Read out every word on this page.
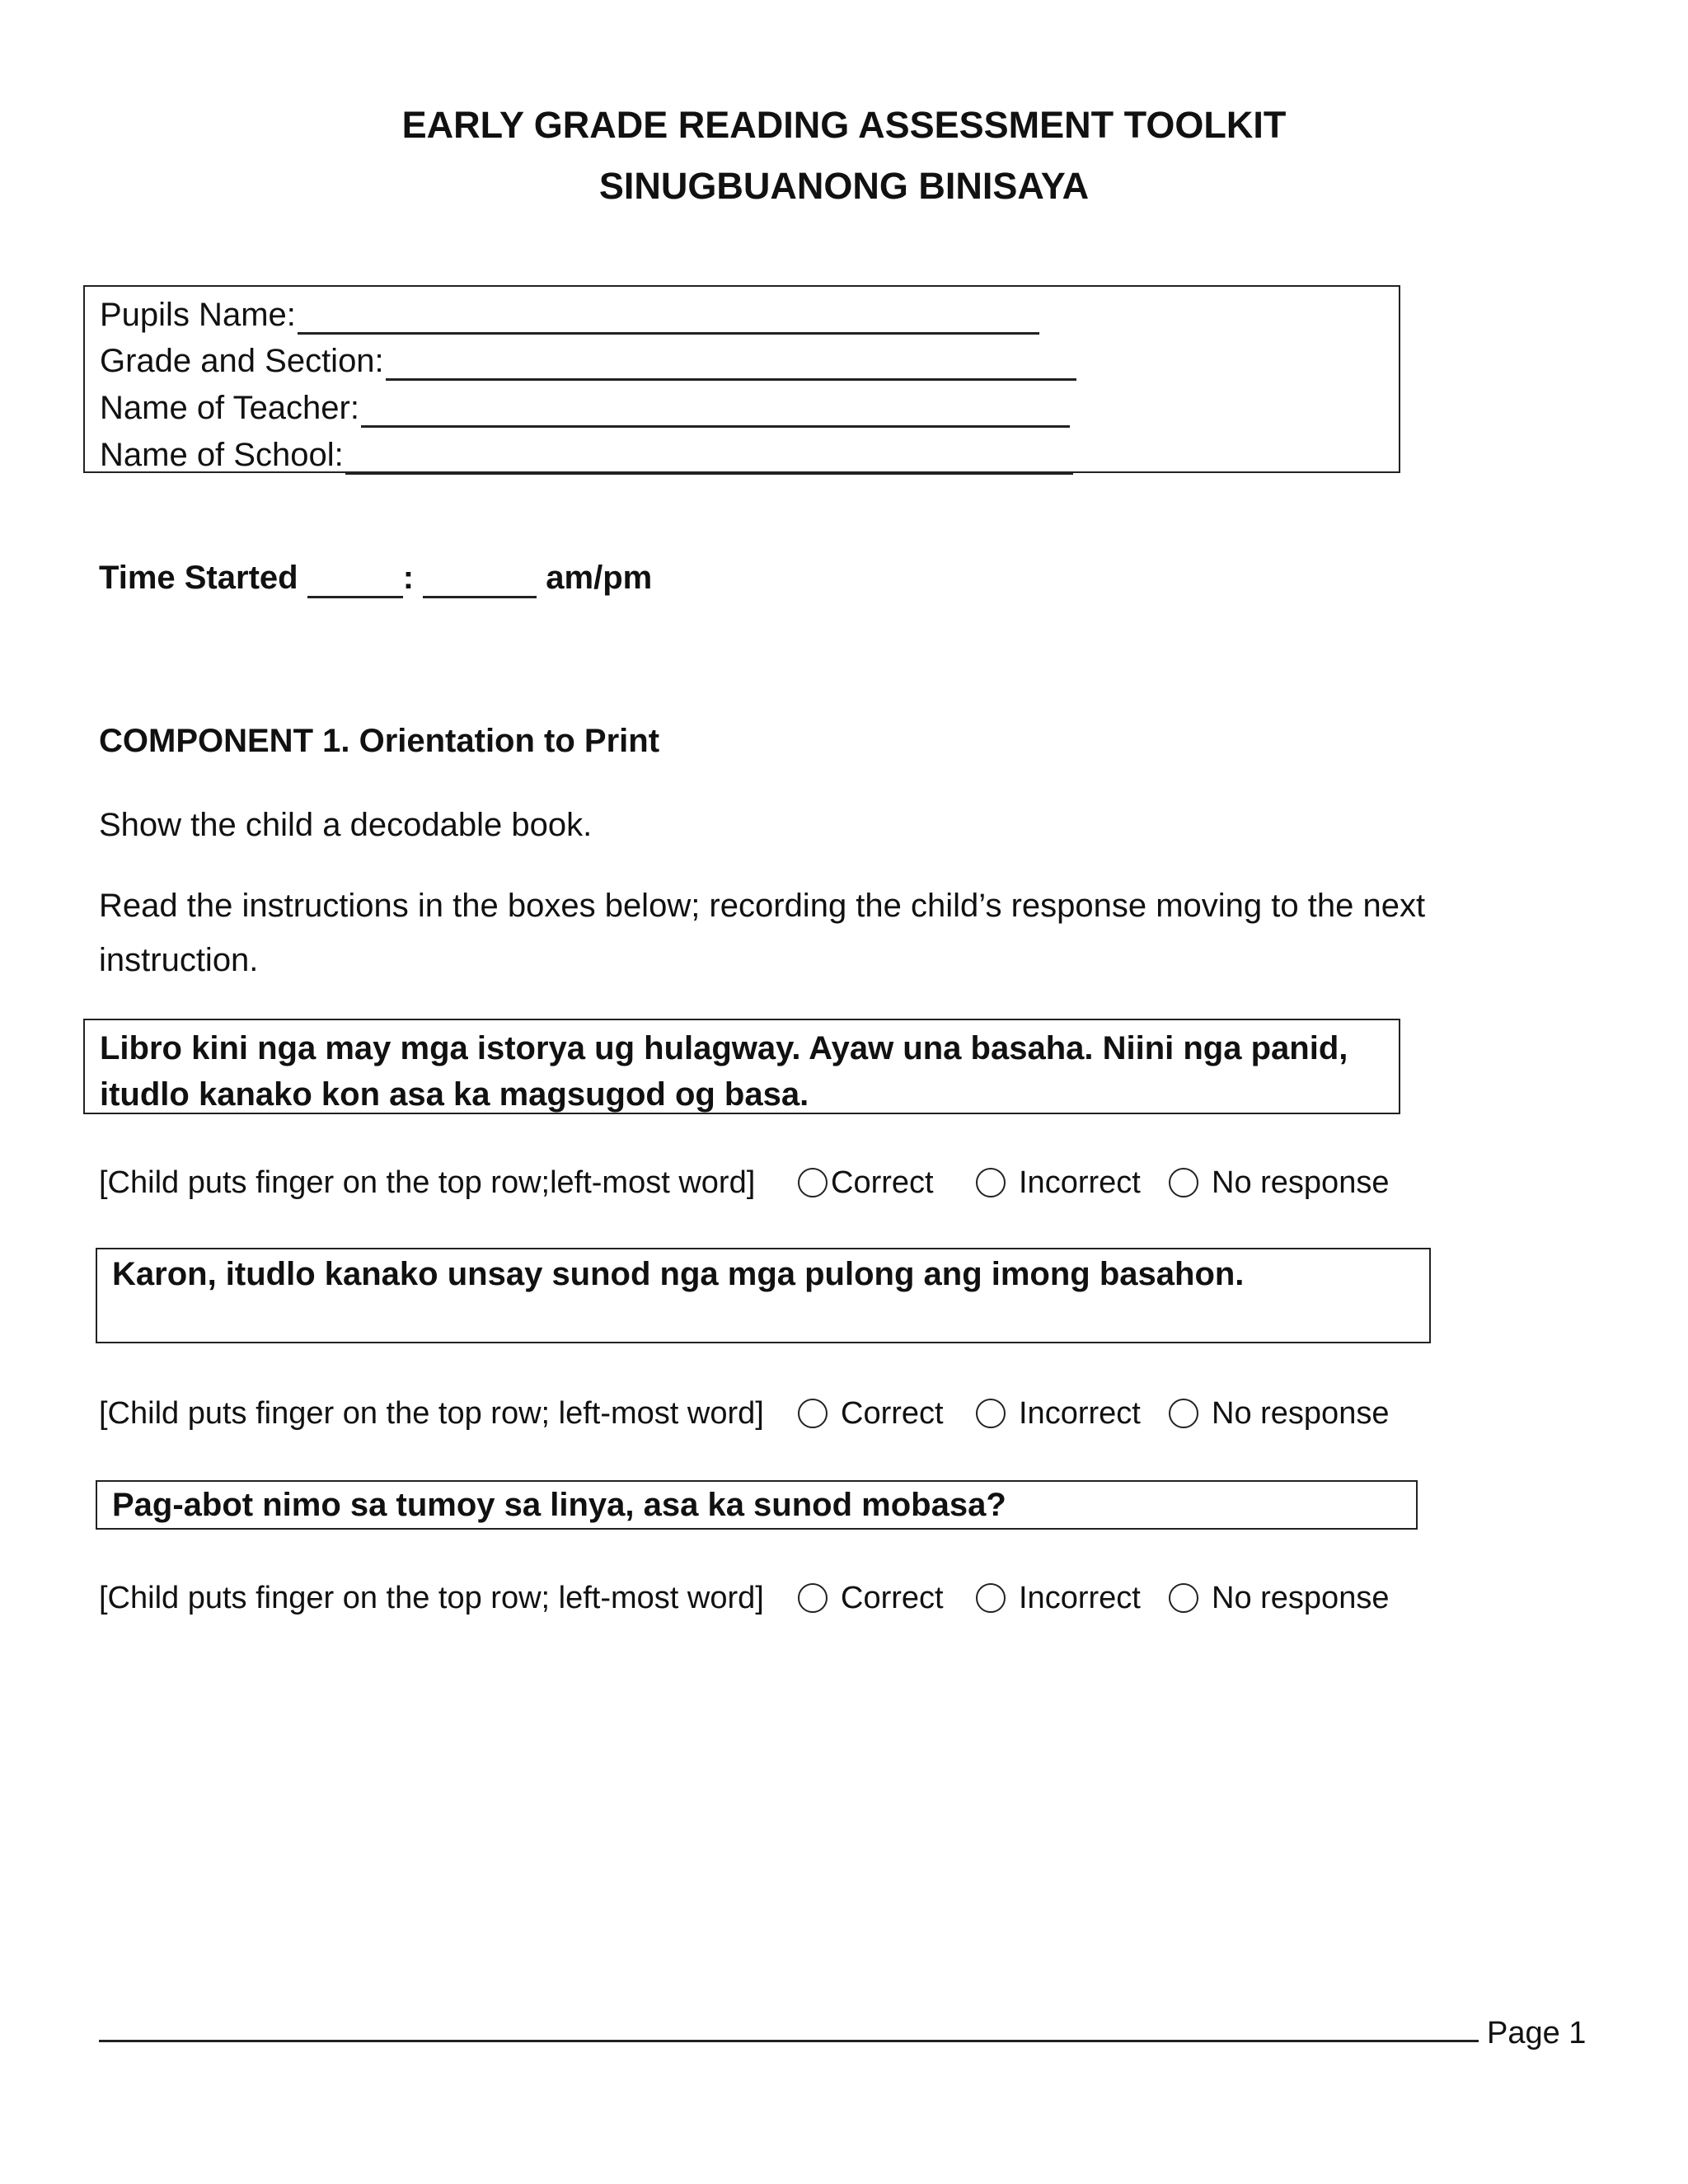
EARLY GRADE READING ASSESSMENT TOOLKIT
SINUGBUANONG BINISAYA
Pupils Name:
Grade and Section:
Name of Teacher:
Name of School:
Time Started
	:

	am/pm
COMPONENT 1. Orientation to Print
Show the child a decodable book.
Read the instructions in the boxes below; recording the child’s response moving to the next instruction.
Libro kini nga may mga istorya ug hulagway. Ayaw una basaha. Niini nga panid, itudlo kanako kon asa ka magsugod og basa.
[Child puts finger on the top row;left-most word] Correct	Incorrect No response
Karon, itudlo kanako unsay sunod nga mga pulong ang imong basahon.
[Child puts finger on the top row; left-most word] Correct Incorrect No response
Pag-abot nimo sa tumoy sa linya, asa ka sunod mobasa?
[Child puts finger on the top row; left-most word] Correct Incorrect No response
Page 1
